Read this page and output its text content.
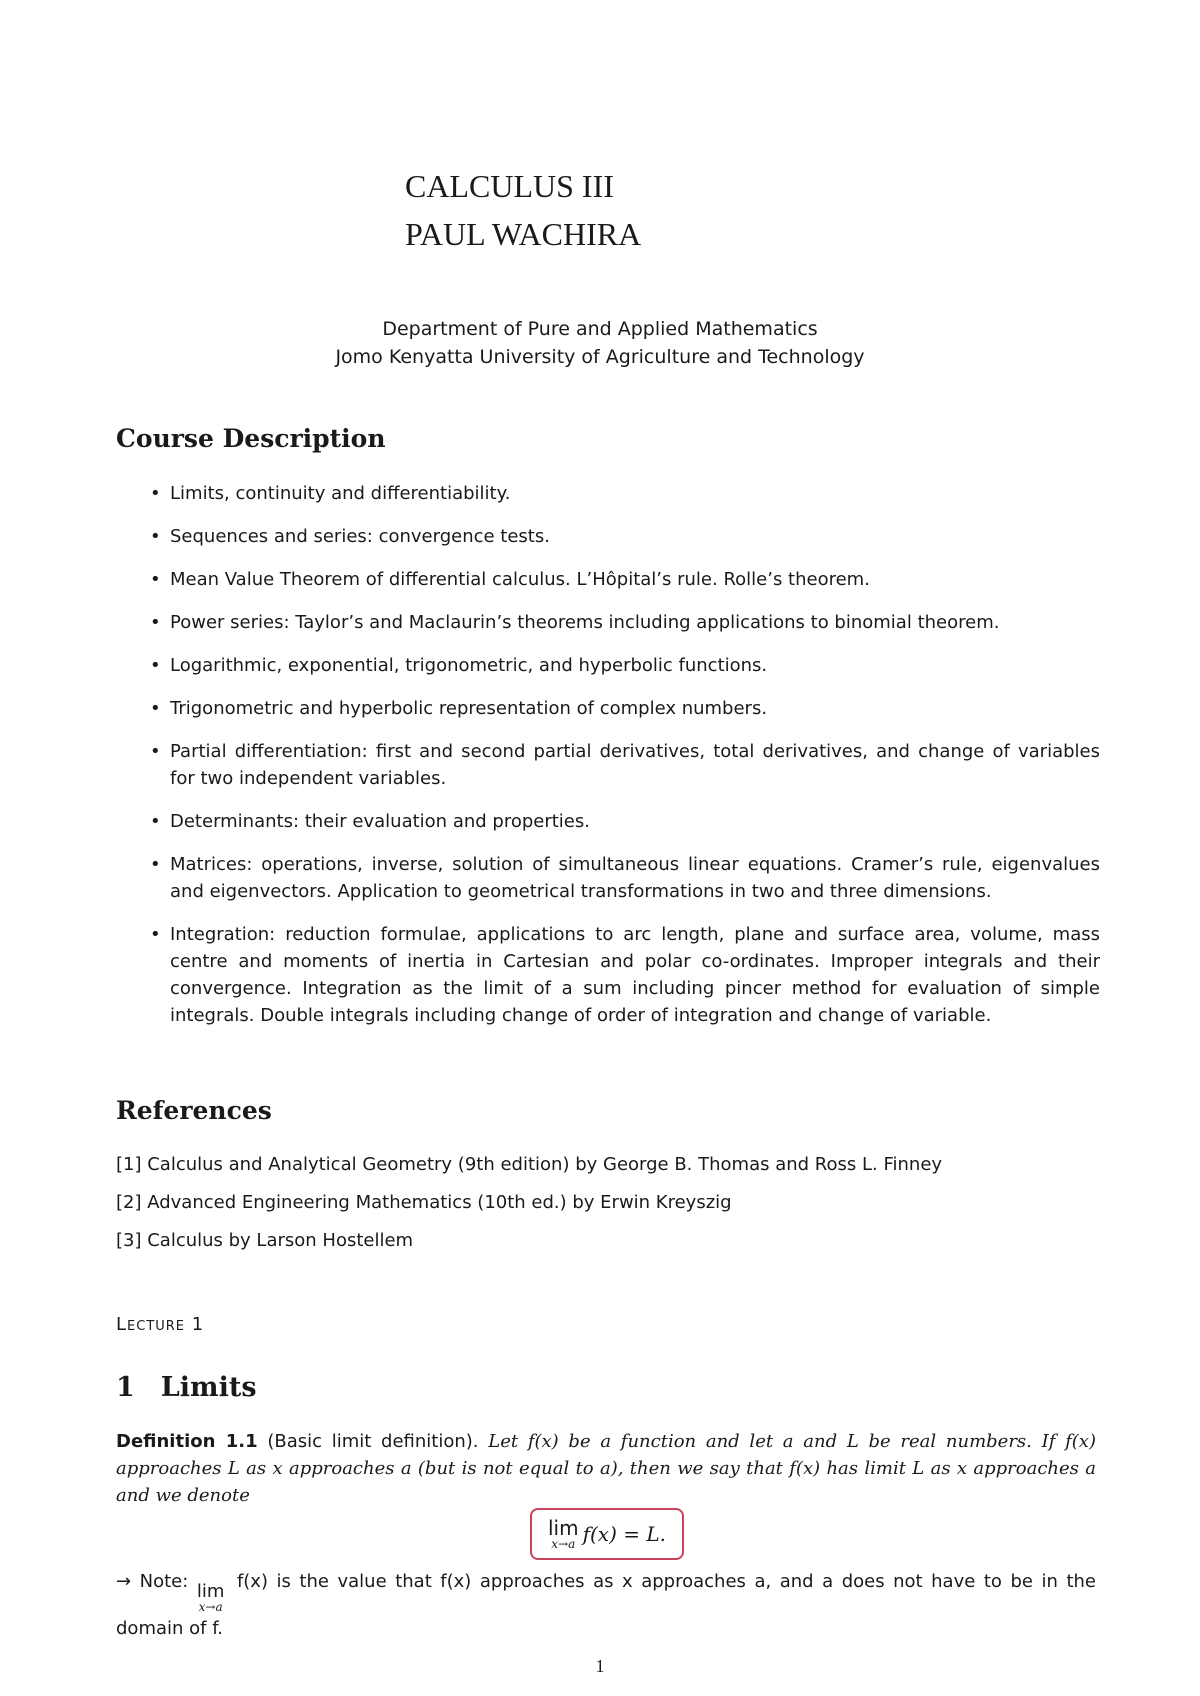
CALCULUS III
PAUL WACHIRA
Department of Pure and Applied Mathematics
Jomo Kenyatta University of Agriculture and Technology
Course Description
• Limits, continuity and differentiability.
• Sequences and series: convergence tests.
• Mean Value Theorem of differential calculus. L’Hôpital’s rule. Rolle’s theorem.
• Power series: Taylor’s and Maclaurin’s theorems including applications to binomial theorem.
• Logarithmic, exponential, trigonometric, and hyperbolic functions.
• Trigonometric and hyperbolic representation of complex numbers.
• Partial differentiation: first and second partial derivatives, total derivatives, and change of variables for two independent variables.
• Determinants: their evaluation and properties.
• Matrices: operations, inverse, solution of simultaneous linear equations. Cramer’s rule, eigenvalues and eigenvectors. Application to geometrical transformations in two and three dimensions.
• Integration: reduction formulae, applications to arc length, plane and surface area, volume, mass centre and moments of inertia in Cartesian and polar co-ordinates. Improper integrals and their convergence. Integration as the limit of a sum including pincer method for evaluation of simple integrals. Double integrals including change of order of integration and change of variable.
References
[1] Calculus and Analytical Geometry (9th edition) by George B. Thomas and Ross L. Finney
[2] Advanced Engineering Mathematics (10th ed.) by Erwin Kreyszig
[3] Calculus by Larson Hostellem
Lecture 1
1 Limits
Definition 1.1 (Basic limit definition). Let f(x) be a function and let a and L be real numbers. If f(x) approaches L as x approaches a (but is not equal to a), then we say that f(x) has limit L as x approaches a and we denote
lim
x→a f(x) = L.
→ Note: lim
x→a
f(x) is the value that f(x) approaches as x approaches a, and a does not have to be in the domain of f.
1
